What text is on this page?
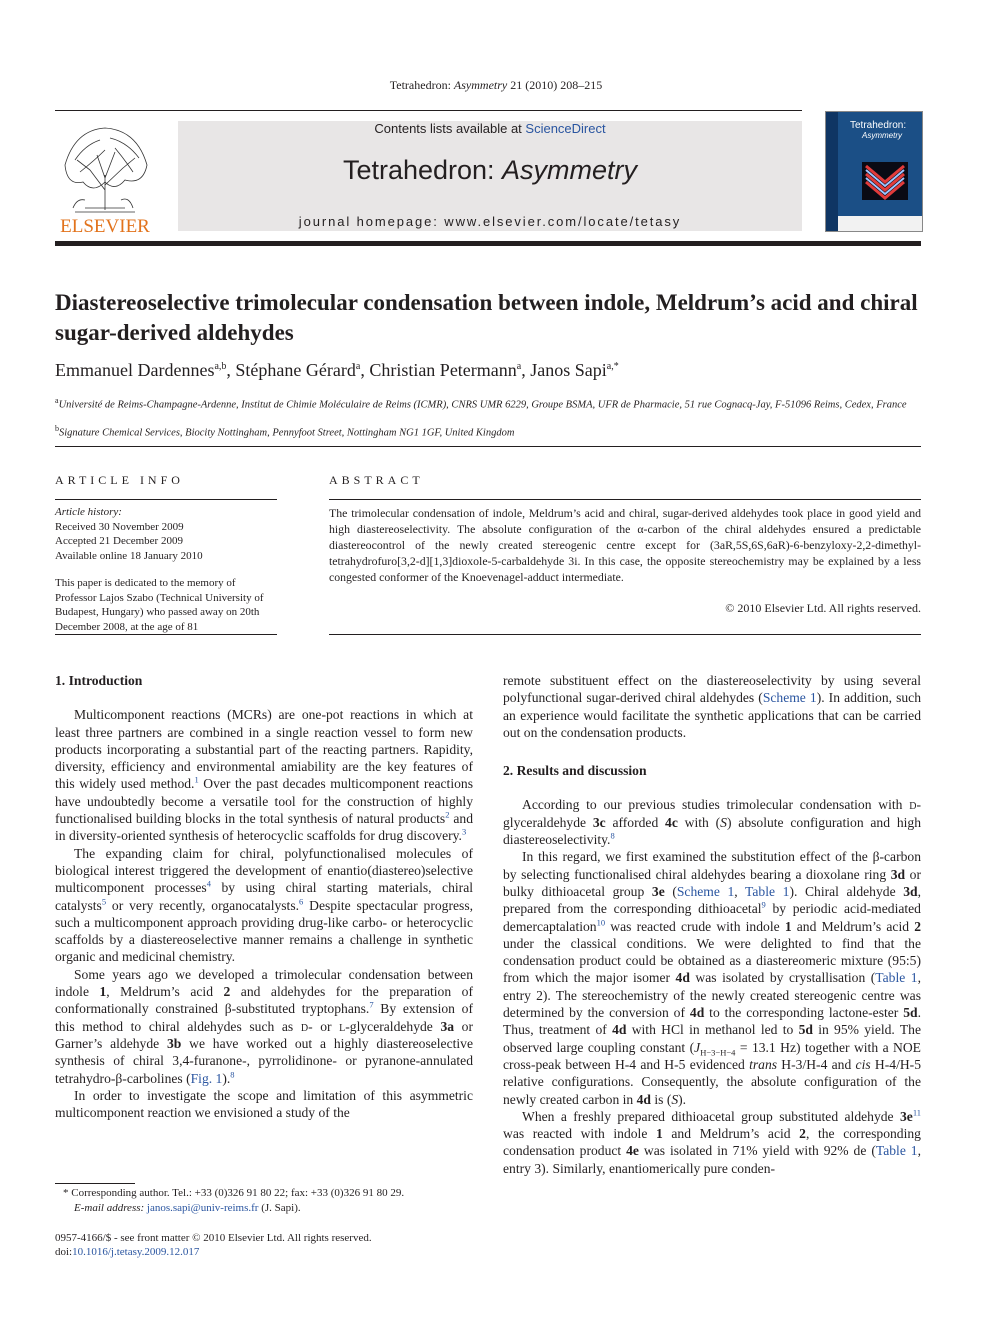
Tetrahedron: Asymmetry 21 (2010) 208–215
ELSEVIER
Contents lists available at ScienceDirect
Tetrahedron: Asymmetry
journal homepage: www.elsevier.com/locate/tetasy
Tetrahedron:
Asymmetry
Diastereoselective trimolecular condensation between indole, Meldrum’s acid and chiral sugar-derived aldehydes
Emmanuel Dardennes$^{a,b}$, Stéphane Gérard$^a$, Christian Petermann$^a$, Janos Sapi$^{a,*}$
$^a$Université de Reims-Champagne-Ardenne, Institut de Chimie Moléculaire de Reims (ICMR), CNRS UMR 6229, Groupe BSMA, UFR de Pharmacie, 51 rue Cognacq-Jay, F-51096 Reims, Cedex, France
$^b$Signature Chemical Services, Biocity Nottingham, Pennyfoot Street, Nottingham NG1 1GF, United Kingdom
ARTICLE INFO
Article history:
Received 30 November 2009
Accepted 21 December 2009
Available online 18 January 2010
This paper is dedicated to the memory of Professor Lajos Szabo (Technical University of Budapest, Hungary) who passed away on 20th December 2008, at the age of 81
ABSTRACT
The trimolecular condensation of indole, Meldrum’s acid and chiral, sugar-derived aldehydes took place in good yield and high diastereoselectivity. The absolute configuration of the α-carbon of the chiral aldehydes ensured a predictable diastereocontrol of the newly created stereogenic centre except for (3aR,5S,6S,6aR)-6-benzyloxy-2,2-dimethyl-tetrahydrofuro[3,2-d][1,3]dioxole-5-carbaldehyde 3i. In this case, the opposite stereochemistry may be explained by a less congested conformer of the Knoevenagel-adduct intermediate.
© 2010 Elsevier Ltd. All rights reserved.
1. Introduction

Multicomponent reactions (MCRs) are one-pot reactions in which at least three partners are combined in a single reaction vessel to form new products incorporating a substantial part of the reacting partners. Rapidity, diversity, efficiency and environmental amiability are the key features of this widely used method.$^1$ Over the past decades multicomponent reactions have undoubtedly become a versatile tool for the construction of highly functionalised building blocks in the total synthesis of natural products$^2$ and in diversity-oriented synthesis of heterocyclic scaffolds for drug discovery.$^3$

The expanding claim for chiral, polyfunctionalised molecules of biological interest triggered the development of enantio(diastereo)selective multicomponent processes$^4$ by using chiral starting materials, chiral catalysts$^5$ or very recently, organocatalysts.$^6$ Despite spectacular progress, such a multicomponent approach providing drug-like carbo- or heterocyclic scaffolds by a diastereoselective manner remains a challenge in synthetic organic and medicinal chemistry.

Some years ago we developed a trimolecular condensation between indole 1, Meldrum’s acid 2 and aldehydes for the preparation of conformationally constrained β-substituted tryptophans.$^7$ By extension of this method to chiral aldehydes such as d- or l-glyceraldehyde 3a or Garner’s aldehyde 3b we have worked out a highly diastereoselective synthesis of chiral 3,4-furanone-, pyrrolidinone- or pyranone-annulated tetrahydro-β-carbolines (Fig. 1).$^8$

In order to investigate the scope and limitation of this asymmetric multicomponent reaction we envisioned a study of the

remote substituent effect on the diastereoselectivity by using several polyfunctional sugar-derived chiral aldehydes (Scheme 1). In addition, such an experience would facilitate the synthetic applications that can be carried out on the condensation products.

2. Results and discussion

According to our previous studies trimolecular condensation with d-glyceraldehyde 3c afforded 4c with (S) absolute configuration and high diastereoselectivity.$^8$

In this regard, we first examined the substitution effect of the β-carbon by selecting functionalised chiral aldehydes bearing a dioxolane ring 3d or bulky dithioacetal group 3e (Scheme 1, Table 1). Chiral aldehyde 3d, prepared from the corresponding dithioacetal$^9$ by periodic acid-mediated demercaptalation$^{10}$ was reacted crude with indole 1 and Meldrum’s acid 2 under the classical conditions. We were delighted to find that the condensation product could be obtained as a diastereomeric mixture (95:5) from which the major isomer 4d was isolated by crystallisation (Table 1, entry 2). The stereochemistry of the newly created stereogenic centre was determined by the conversion of 4d to the corresponding lactone-ester 5d. Thus, treatment of 4d with HCl in methanol led to 5d in 95% yield. The observed large coupling constant ($J_{H-3-H-4} = 13.1$ Hz) together with a NOE cross-peak between H-4 and H-5 evidenced trans H-3/H-4 and cis H-4/H-5 relative configurations. Consequently, the absolute configuration of the newly created carbon in 4d is (S).

When a freshly prepared dithioacetal group substituted aldehyde $3e^{11}$ was reacted with indole 1 and Meldrum’s acid 2, the corresponding condensation product 4e was isolated in 71% yield with 92% de (Table 1, entry 3). Similarly, enantiomerically pure conden-

* Corresponding author. Tel.: +33 (0)326 91 80 22; fax: +33 (0)326 91 80 29.
E-mail address: janos.sapi@univ-reims.fr (J. Sapi).
0957-4166/$ - see front matter © 2010 Elsevier Ltd. All rights reserved.
doi:10.1016/j.tetasy.2009.12.017
